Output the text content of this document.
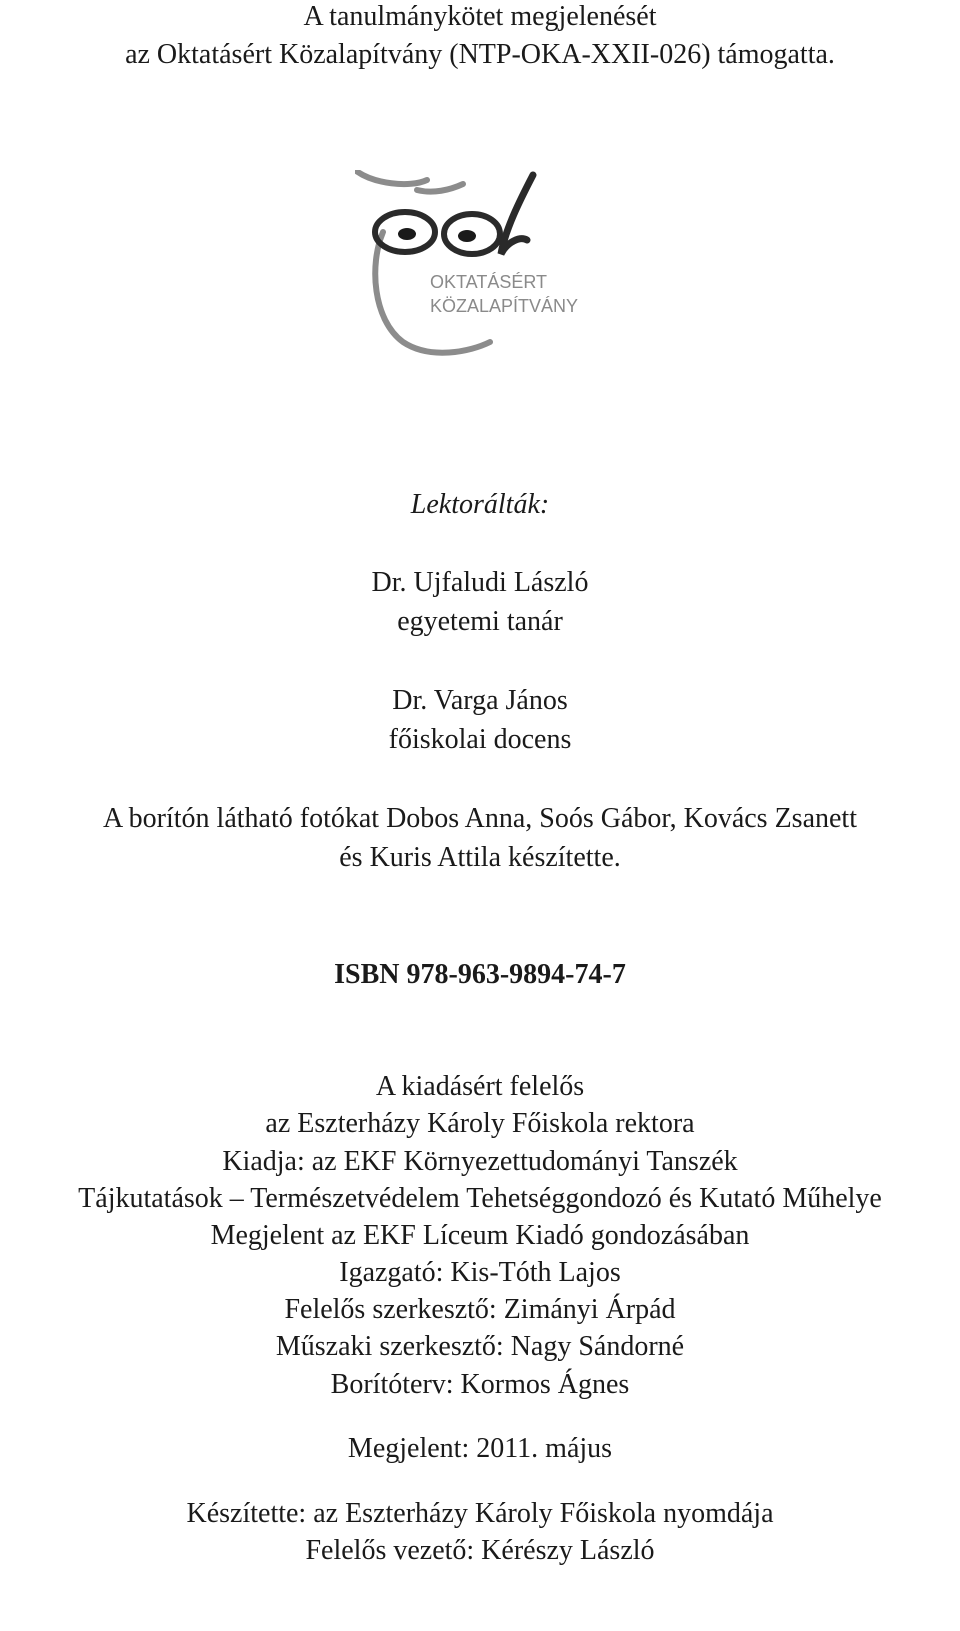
A tanulmánykötet megjelenését
az Oktatásért Közalapítvány (NTP-OKA-XXII-026) támogatta.
OKTATÁSÉRT
KÖZALAPÍTVÁNY
Lektorálták:
Dr. Ujfaludi László
egyetemi tanár
Dr. Varga János
főiskolai docens
A borítón látható fotókat Dobos Anna, Soós Gábor, Kovács Zsanett
és Kuris Attila készítette.
ISBN 978-963-9894-74-7
A kiadásért felelős
az Eszterházy Károly Főiskola rektora
Kiadja: az EKF Környezettudományi Tanszék
Tájkutatások – Természetvédelem Tehetséggondozó és Kutató Műhelye
Megjelent az EKF Líceum Kiadó gondozásában
Igazgató: Kis-Tóth Lajos
Felelős szerkesztő: Zimányi Árpád
Műszaki szerkesztő: Nagy Sándorné
Borítóterv: Kormos Ágnes
Megjelent: 2011. május
Készítette: az Eszterházy Károly Főiskola nyomdája
Felelős vezető: Kérészy László
